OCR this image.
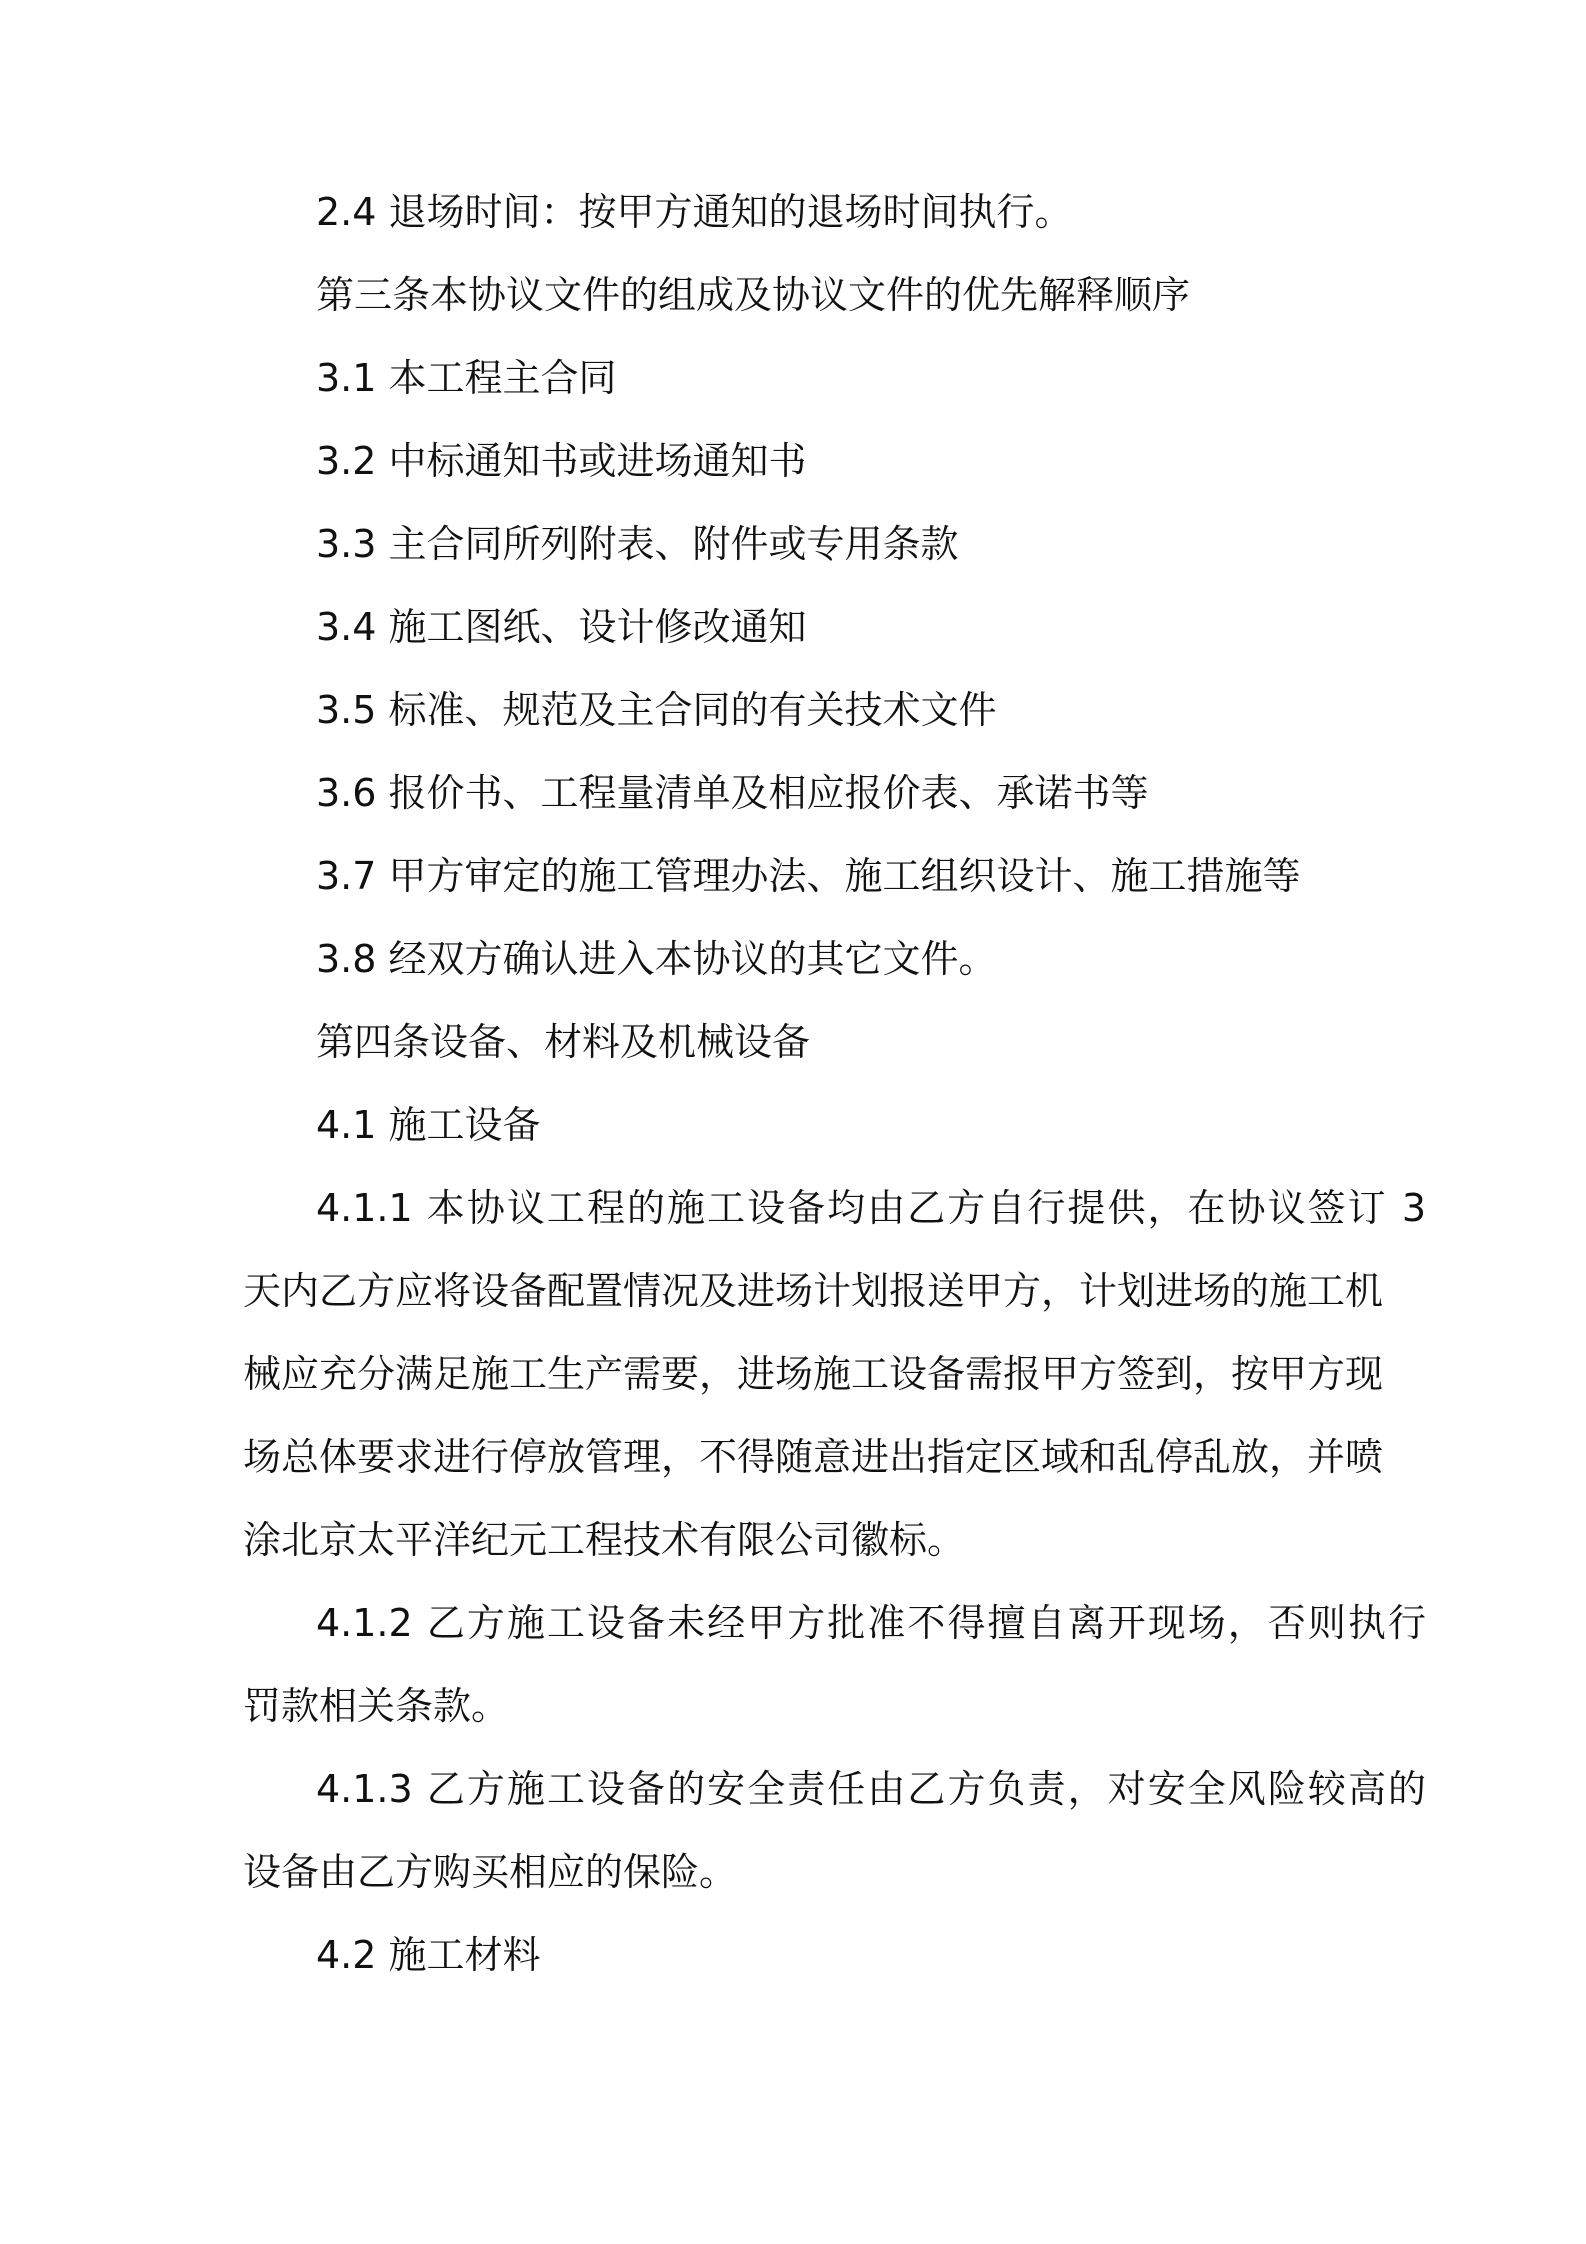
2.4 退场时间：按甲方通知的退场时间执行。

第三条本协议文件的组成及协议文件的优先解释顺序

3.1 本工程主合同

3.2 中标通知书或进场通知书

3.3 主合同所列附表、附件或专用条款

3.4 施工图纸、设计修改通知

3.5 标准、规范及主合同的有关技术文件

3.6 报价书、工程量清单及相应报价表、承诺书等

3.7 甲方审定的施工管理办法、施工组织设计、施工措施等

3.8 经双方确认进入本协议的其它文件。

第四条设备、材料及机械设备

4.1 施工设备

4.1.1 本协议工程的施工设备均由乙方自行提供，在协议签订 3

天内乙方应将设备配置情况及进场计划报送甲方，计划进场的施工机

械应充分满足施工生产需要，进场施工设备需报甲方签到，按甲方现

场总体要求进行停放管理，不得随意进出指定区域和乱停乱放，并喷

涂北京太平洋纪元工程技术有限公司徽标。

4.1.2 乙方施工设备未经甲方批准不得擅自离开现场，否则执行

罚款相关条款。

4.1.3 乙方施工设备的安全责任由乙方负责，对安全风险较高的

设备由乙方购买相应的保险。

4.2 施工材料
